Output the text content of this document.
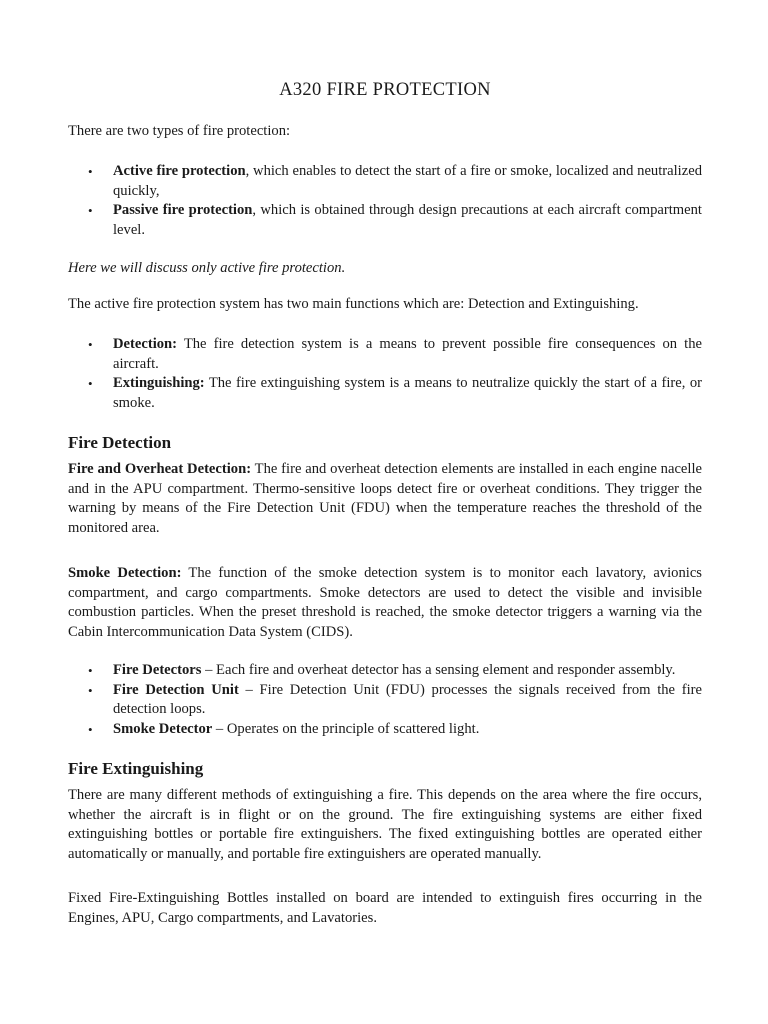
A320 FIRE PROTECTION

There are two types of fire protection:

• Active fire protection, which enables to detect the start of a fire or smoke, localized and neutralized quickly,
• Passive fire protection, which is obtained through design precautions at each aircraft compartment level.

Here we will discuss only active fire protection.

The active fire protection system has two main functions which are: Detection and Extinguishing.

• Detection: The fire detection system is a means to prevent possible fire consequences on the aircraft.
• Extinguishing: The fire extinguishing system is a means to neutralize quickly the start of a fire, or smoke.
Fire Detection

Fire and Overheat Detection: The fire and overheat detection elements are installed in each engine nacelle and in the APU compartment. Thermo-sensitive loops detect fire or overheat conditions. They trigger the warning by means of the Fire Detection Unit (FDU) when the temperature reaches the threshold of the monitored area.

Smoke Detection: The function of the smoke detection system is to monitor each lavatory, avionics compartment, and cargo compartments. Smoke detectors are used to detect the visible and invisible combustion particles. When the preset threshold is reached, the smoke detector triggers a warning via the Cabin Intercommunication Data System (CIDS).

• Fire Detectors – Each fire and overheat detector has a sensing element and responder assembly.
• Fire Detection Unit – Fire Detection Unit (FDU) processes the signals received from the fire detection loops.
• Smoke Detector – Operates on the principle of scattered light.
Fire Extinguishing

There are many different methods of extinguishing a fire. This depends on the area where the fire occurs, whether the aircraft is in flight or on the ground. The fire extinguishing systems are either fixed extinguishing bottles or portable fire extinguishers. The fixed extinguishing bottles are operated either automatically or manually, and portable fire extinguishers are operated manually.

Fixed Fire-Extinguishing Bottles installed on board are intended to extinguish fires occurring in the Engines, APU, Cargo compartments, and Lavatories.
